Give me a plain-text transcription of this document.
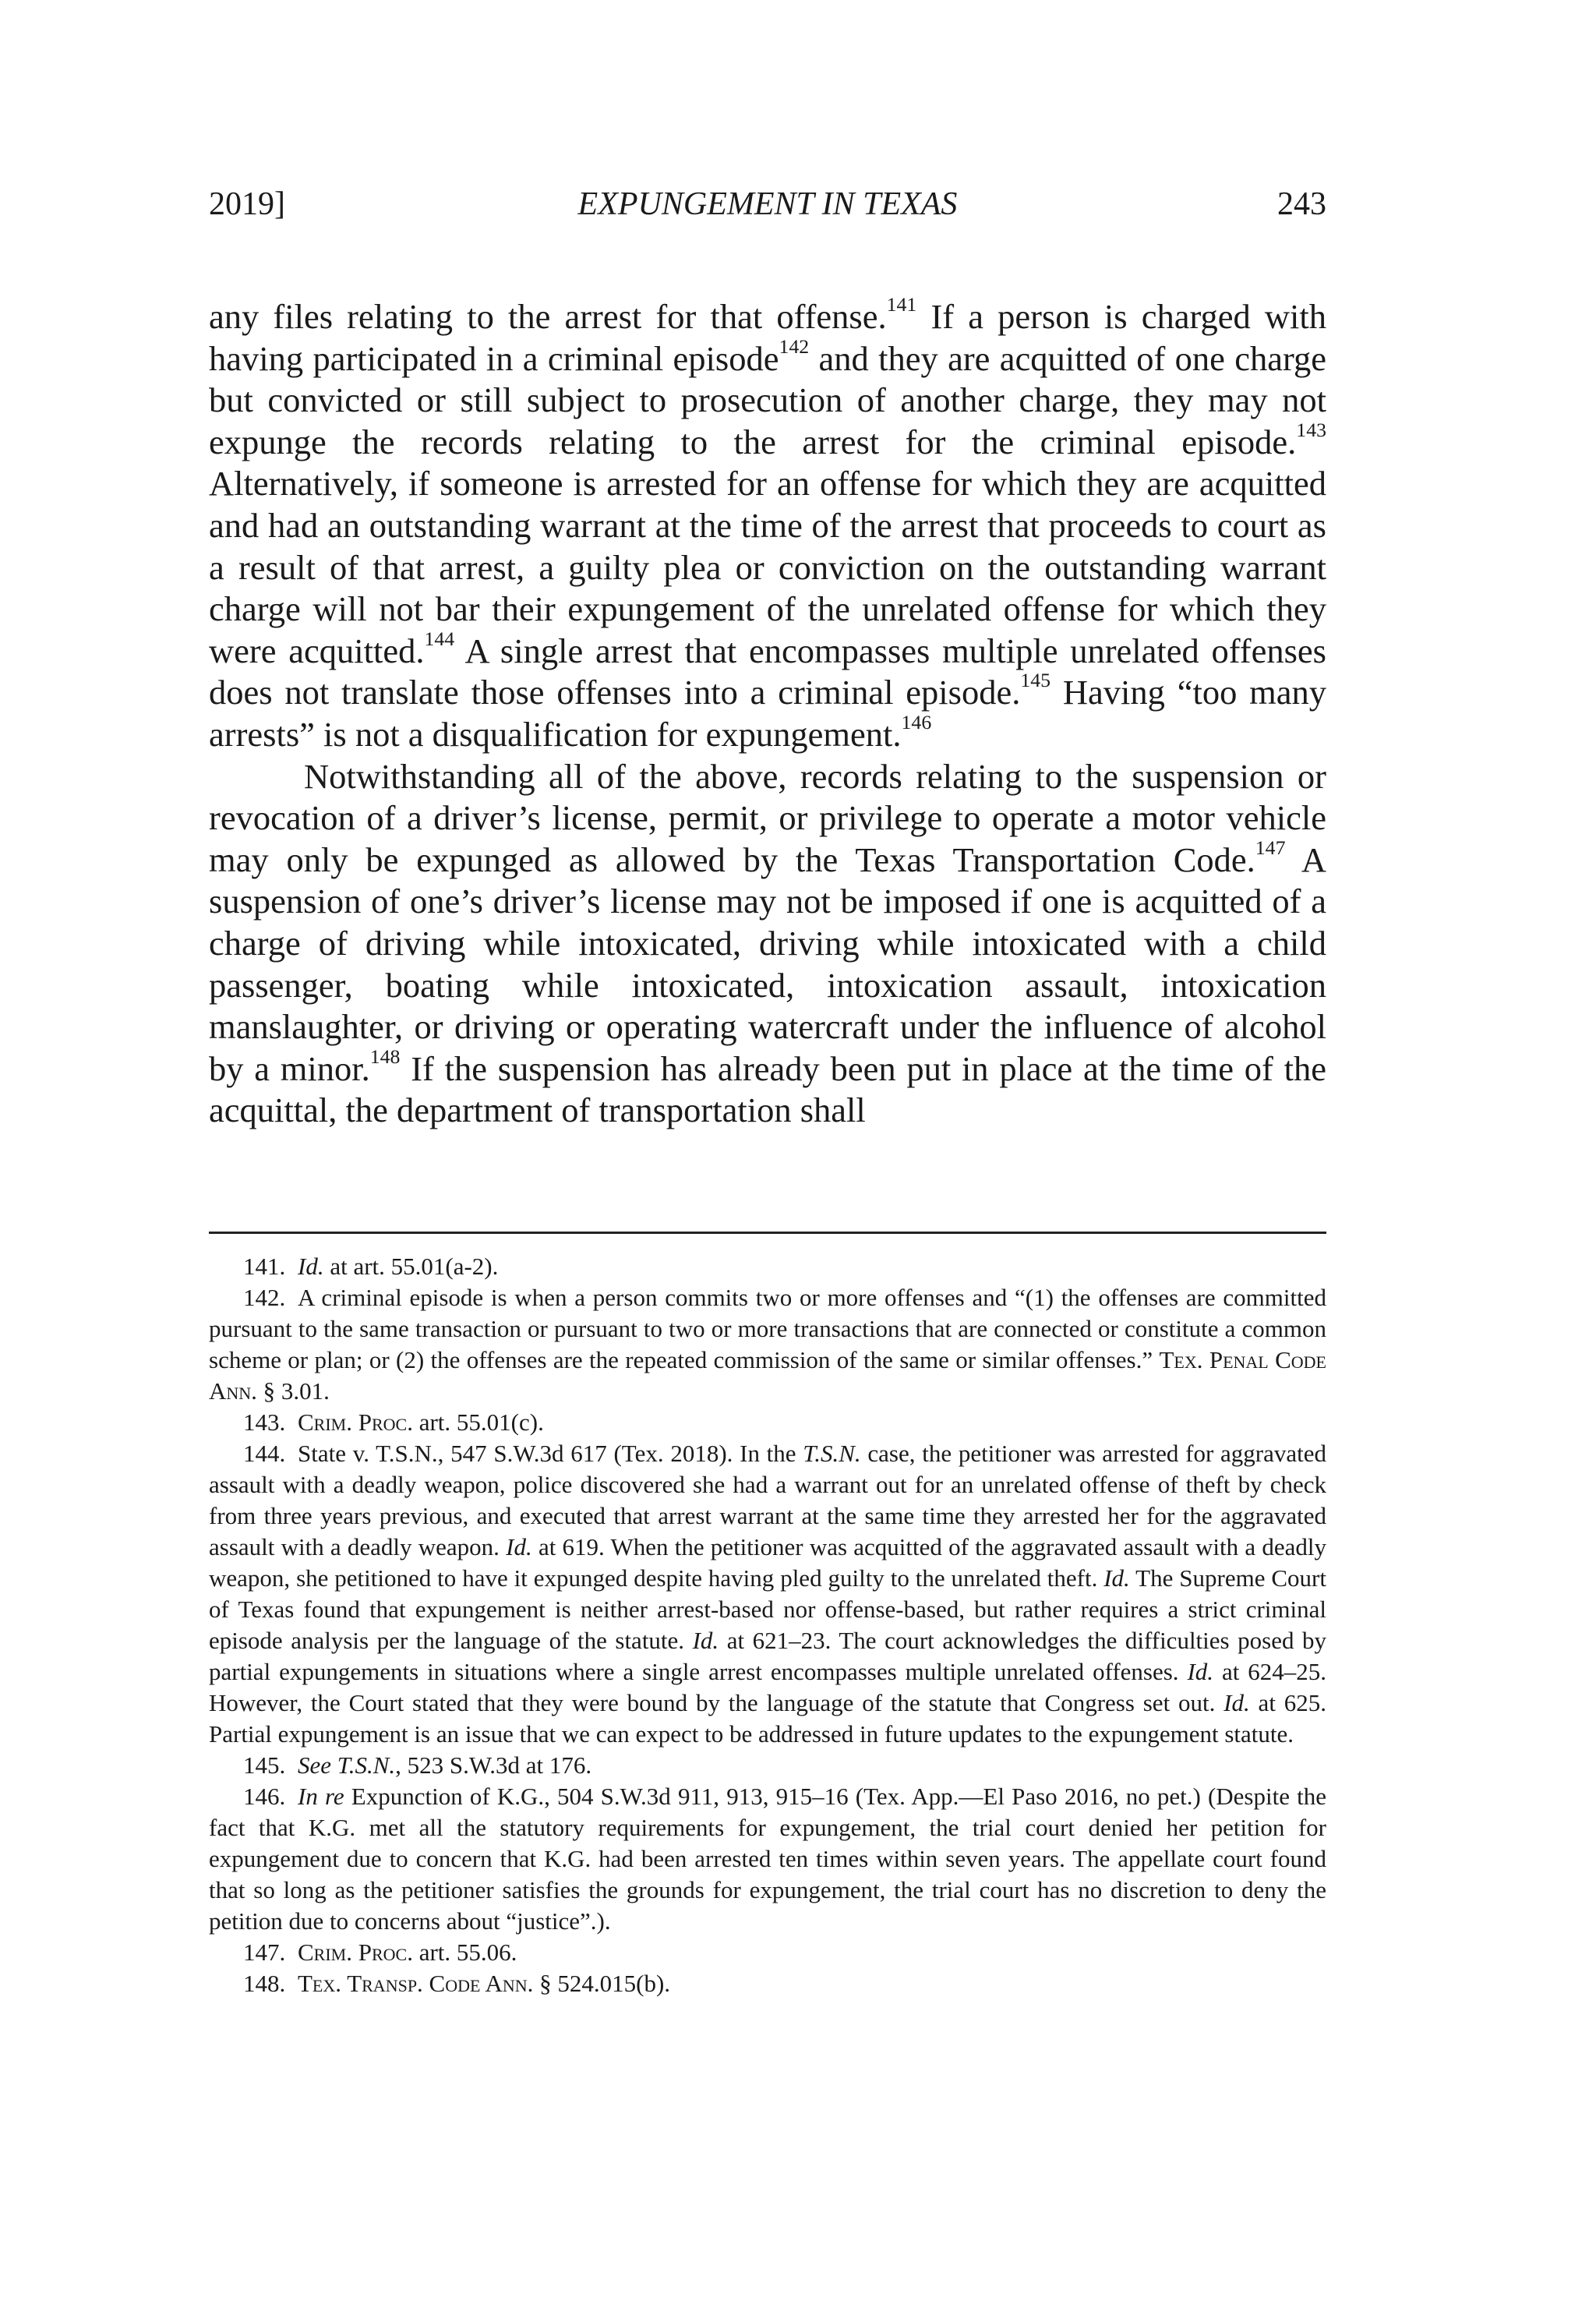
2019]	EXPUNGEMENT IN TEXAS	243

any files relating to the arrest for that offense.$^{141}$ If a person is charged with having participated in a criminal episode$^{142}$ and they are acquitted of one charge but convicted or still subject to prosecution of another charge, they may not expunge the records relating to the arrest for the criminal episode.$^{143}$ Alternatively, if someone is arrested for an offense for which they are acquitted and had an outstanding warrant at the time of the arrest that proceeds to court as a result of that arrest, a guilty plea or conviction on the outstanding warrant charge will not bar their expungement of the unrelated offense for which they were acquitted.$^{144}$ A single arrest that encompasses multiple unrelated offenses does not translate those offenses into a criminal episode.$^{145}$ Having “too many arrests” is not a disqualification for expungement.$^{146}$

Notwithstanding all of the above, records relating to the suspension or revocation of a driver’s license, permit, or privilege to operate a motor vehicle may only be expunged as allowed by the Texas Transportation Code.$^{147}$ A suspension of one’s driver’s license may not be imposed if one is acquitted of a charge of driving while intoxicated, driving while intoxicated with a child passenger, boating while intoxicated, intoxication assault, intoxication manslaughter, or driving or operating watercraft under the influence of alcohol by a minor.$^{148}$ If the suspension has already been put in place at the time of the acquittal, the department of transportation shall

141. Id. at art. 55.01(a-2).

142. A criminal episode is when a person commits two or more offenses and “(1) the offenses are committed pursuant to the same transaction or pursuant to two or more transactions that are connected or constitute a common scheme or plan; or (2) the offenses are the repeated commission of the same or similar offenses.” Tex. Penal Code Ann. § 3.01.

143. Crim. Proc. art. 55.01(c).

144. State v. T.S.N., 547 S.W.3d 617 (Tex. 2018). In the T.S.N. case, the petitioner was arrested for aggravated assault with a deadly weapon, police discovered she had a warrant out for an unrelated offense of theft by check from three years previous, and executed that arrest warrant at the same time they arrested her for the aggravated assault with a deadly weapon. Id. at 619. When the petitioner was acquitted of the aggravated assault with a deadly weapon, she petitioned to have it expunged despite having pled guilty to the unrelated theft. Id. The Supreme Court of Texas found that expungement is neither arrest-based nor offense-based, but rather requires a strict criminal episode analysis per the language of the statute. Id. at 621–23. The court acknowledges the difficulties posed by partial expungements in situations where a single arrest encompasses multiple unrelated offenses. Id. at 624–25. However, the Court stated that they were bound by the language of the statute that Congress set out. Id. at 625. Partial expungement is an issue that we can expect to be addressed in future updates to the expungement statute.

145. See T.S.N., 523 S.W.3d at 176.

146. In re Expunction of K.G., 504 S.W.3d 911, 913, 915–16 (Tex. App.—El Paso 2016, no pet.) (Despite the fact that K.G. met all the statutory requirements for expungement, the trial court denied her petition for expungement due to concern that K.G. had been arrested ten times within seven years. The appellate court found that so long as the petitioner satisfies the grounds for expungement, the trial court has no discretion to deny the petition due to concerns about “justice”.).

147. Crim. Proc. art. 55.06.

148. Tex. Transp. Code Ann. § 524.015(b).
